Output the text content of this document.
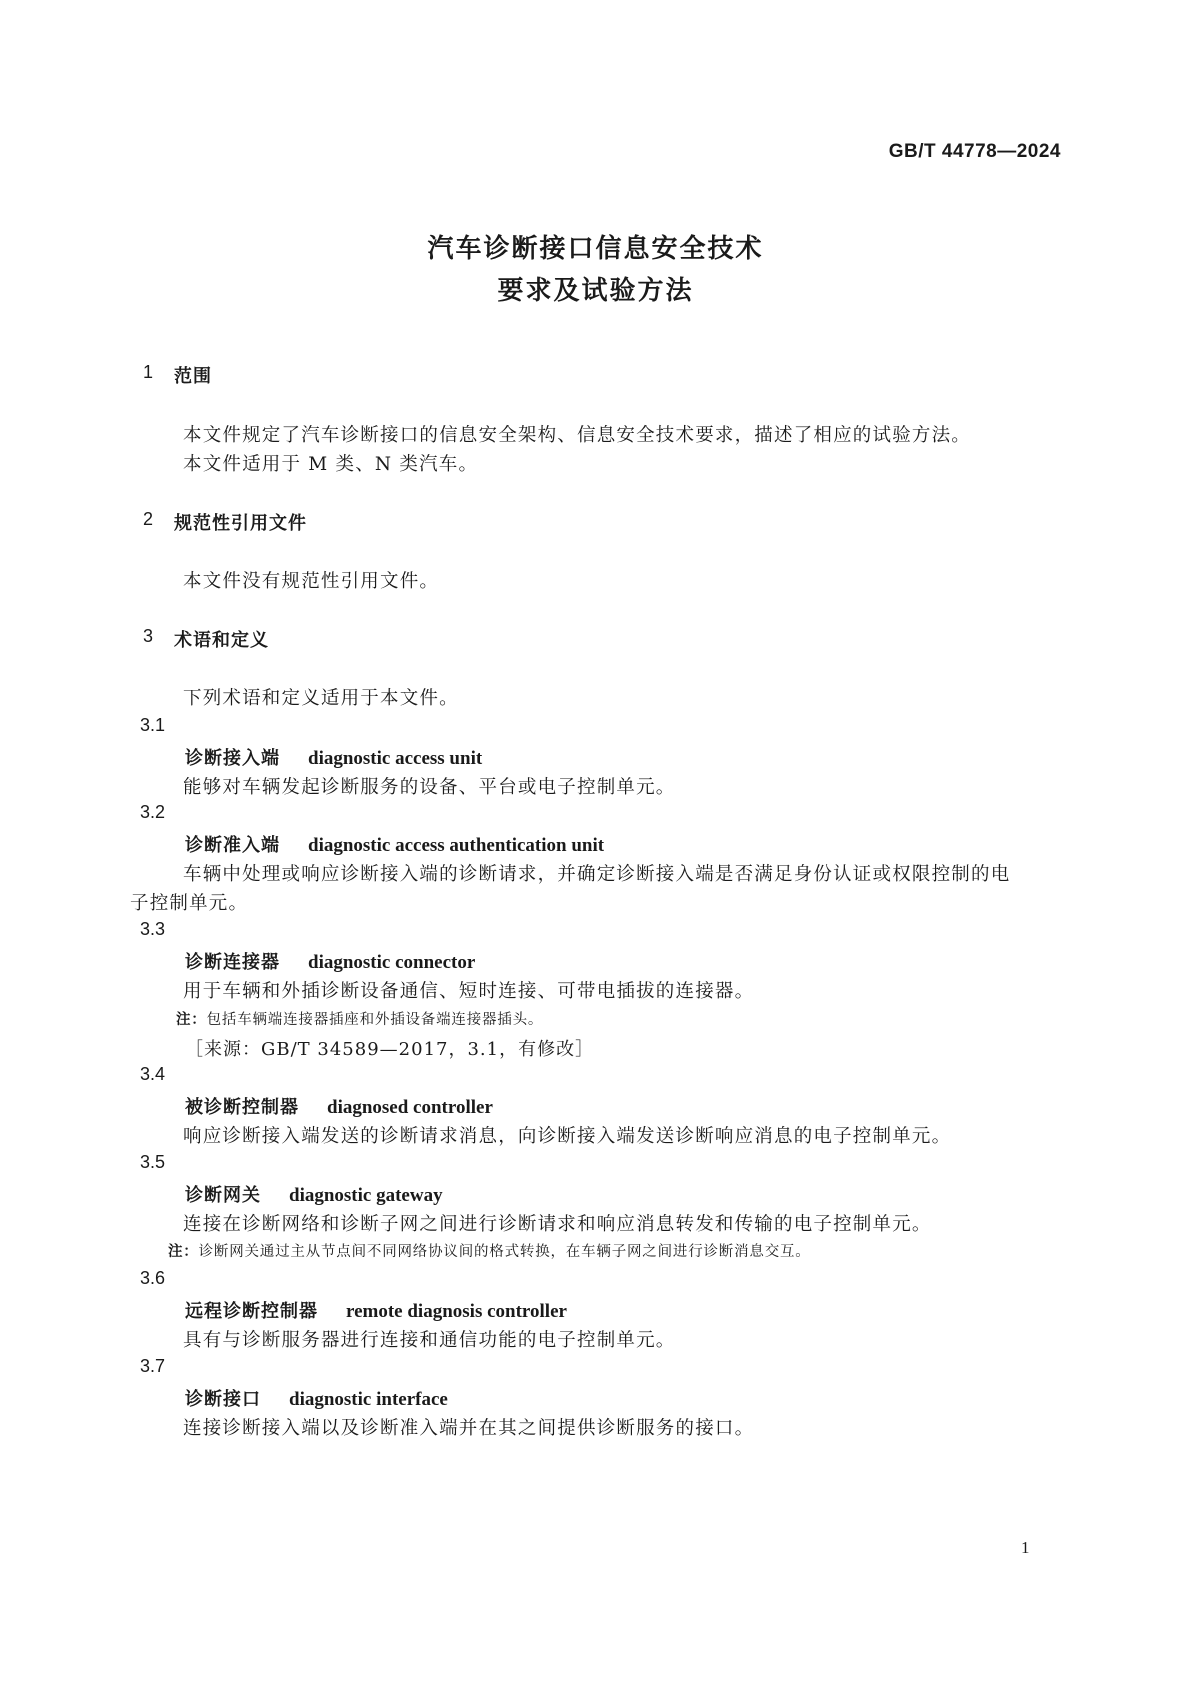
GB/T 44778—2024
汽车诊断接口信息安全技术
要求及试验方法
1 范围

本文件规定了汽车诊断接口的信息安全架构、信息安全技术要求，描述了相应的试验方法。

本文件适用于 M 类、N 类汽车。

2 规范性引用文件

本文件没有规范性引用文件。

3 术语和定义

下列术语和定义适用于本文件。

3.1
诊断接入端 diagnostic access unit

能够对车辆发起诊断服务的设备、平台或电子控制单元。

3.2
诊断准入端 diagnostic access authentication unit

车辆中处理或响应诊断接入端的诊断请求，并确定诊断接入端是否满足身份认证或权限控制的电

子控制单元。

3.3
诊断连接器 diagnostic connector

用于车辆和外插诊断设备通信、短时连接、可带电插拔的连接器。

注：包括车辆端连接器插座和外插设备端连接器插头。

［来源：GB/T 34589—2017，3.1，有修改］

3.4
被诊断控制器 diagnosed controller

响应诊断接入端发送的诊断请求消息，向诊断接入端发送诊断响应消息的电子控制单元。

3.5
诊断网关 diagnostic gateway

连接在诊断网络和诊断子网之间进行诊断请求和响应消息转发和传输的电子控制单元。

注：诊断网关通过主从节点间不同网络协议间的格式转换，在车辆子网之间进行诊断消息交互。
3.6
远程诊断控制器 remote diagnosis controller

具有与诊断服务器进行连接和通信功能的电子控制单元。

3.7
诊断接口 diagnostic interface

连接诊断接入端以及诊断准入端并在其之间提供诊断服务的接口。

1
